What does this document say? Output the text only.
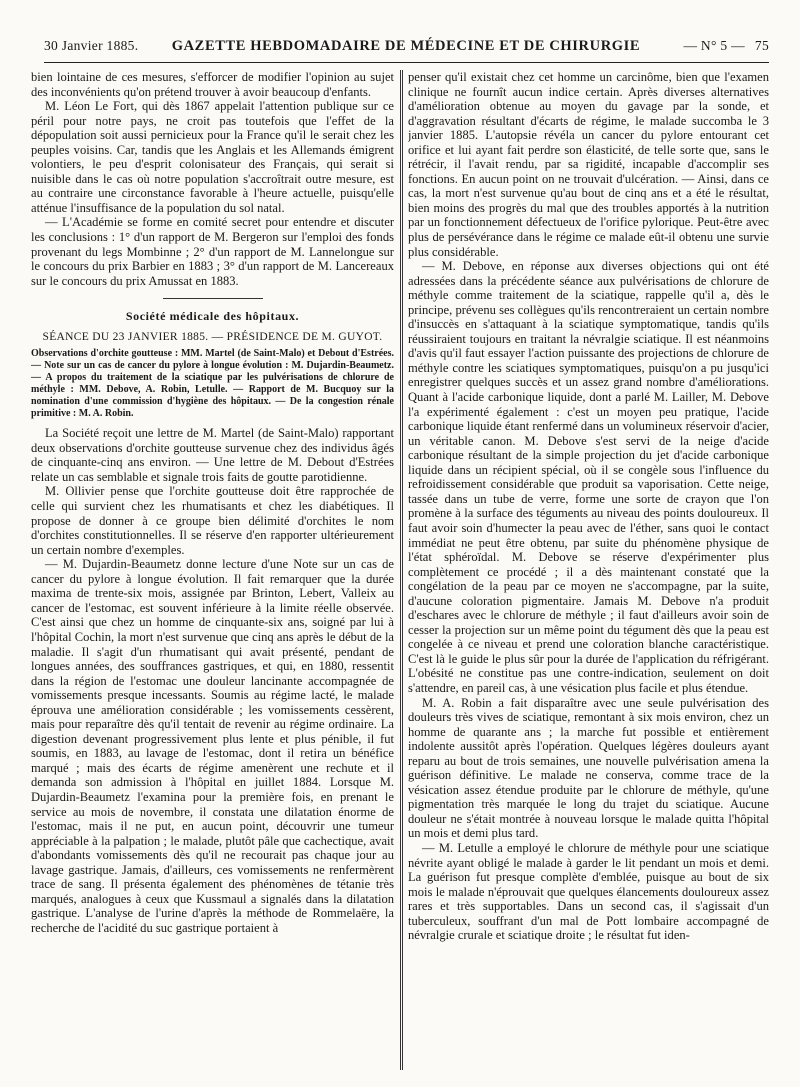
30 Janvier 1885. GAZETTE HEBDOMADAIRE DE MÉDECINE ET DE CHIRURGIE	— N° 5 — 75

bien lointaine de ces mesures, s'efforcer de modifier l'opinion au sujet des inconvénients qu'on prétend trouver à avoir beaucoup d'enfants.

M. Léon Le Fort, qui dès 1867 appelait l'attention publique sur ce péril pour notre pays, ne croit pas toutefois que l'effet de la dépopulation soit aussi pernicieux pour la France qu'il le serait chez les peuples voisins. Car, tandis que les Anglais et les Allemands émigrent volontiers, le peu d'esprit colonisateur des Français, qui serait si nuisible dans le cas où notre population s'accroîtrait outre mesure, est au contraire une circonstance favorable à l'heure actuelle, puisqu'elle atténue l'insuffisance de la population du sol natal.

— L'Académie se forme en comité secret pour entendre et discuter les conclusions : 1° d'un rapport de M. Bergeron sur l'emploi des fonds provenant du legs Mombinne ; 2° d'un rapport de M. Lannelongue sur le concours du prix Barbier en 1883 ; 3° d'un rapport de M. Lancereaux sur le concours du prix Amussat en 1883.

Société médicale des hôpitaux.
SÉANCE DU 23 JANVIER 1885. — PRÉSIDENCE DE M. GUYOT.
Observations d'orchite goutteuse : MM. Martel (de Saint-Malo) et Debout d'Estrées. — Note sur un cas de cancer du pylore à longue évolution : M. Dujardin-Beaumetz. — A propos du traitement de la sciatique par les pulvérisations de chlorure de méthyle : MM. Debove, A. Robin, Letulle. — Rapport de M. Bucquoy sur la nomination d'une commission d'hygiène des hôpitaux. — De la congestion rénale primitive : M. A. Robin.

La Société reçoit une lettre de M. Martel (de Saint-Malo) rapportant deux observations d'orchite goutteuse survenue chez des individus âgés de cinquante-cinq ans environ. — Une lettre de M. Debout d'Estrées relate un cas semblable et signale trois faits de goutte parotidienne.

M. Ollivier pense que l'orchite goutteuse doit être rapprochée de celle qui survient chez les rhumatisants et chez les diabétiques. Il propose de donner à ce groupe bien délimité d'orchites le nom d'orchites constitutionnelles. Il se réserve d'en rapporter ultérieurement un certain nombre d'exemples.

— M. Dujardin-Beaumetz donne lecture d'une Note sur un cas de cancer du pylore à longue évolution. Il fait remarquer que la durée maxima de trente-six mois, assignée par Brinton, Lebert, Valleix au cancer de l'estomac, est souvent inférieure à la limite réelle observée. C'est ainsi que chez un homme de cinquante-six ans, soigné par lui à l'hôpital Cochin, la mort n'est survenue que cinq ans après le début de la maladie. Il s'agit d'un rhumatisant qui avait présenté, pendant de longues années, des souffrances gastriques, et qui, en 1880, ressentit dans la région de l'estomac une douleur lancinante accompagnée de vomissements presque incessants. Soumis au régime lacté, le malade éprouva une amélioration considérable ; les vomissements cessèrent, mais pour reparaître dès qu'il tentait de revenir au régime ordinaire. La digestion devenant progressivement plus lente et plus pénible, il fut soumis, en 1883, au lavage de l'estomac, dont il retira un bénéfice marqué ; mais des écarts de régime amenèrent une rechute et il demanda son admission à l'hôpital en juillet 1884. Lorsque M. Dujardin-Beaumetz l'examina pour la première fois, en prenant le service au mois de novembre, il constata une dilatation énorme de l'estomac, mais il ne put, en aucun point, découvrir une tumeur appréciable à la palpation ; le malade, plutôt pâle que cachectique, avait d'abondants vomissements dès qu'il ne recourait pas chaque jour au lavage gastrique. Jamais, d'ailleurs, ces vomissements ne renfermèrent trace de sang. Il présenta également des phénomènes de tétanie très marqués, analogues à ceux que Kussmaul a signalés dans la dilatation gastrique. L'analyse de l'urine d'après la méthode de Rommelaëre, la recherche de l'acidité du suc gastrique portaient à

penser qu'il existait chez cet homme un carcinôme, bien que l'examen clinique ne fournît aucun indice certain. Après diverses alternatives d'amélioration obtenue au moyen du gavage par la sonde, et d'aggravation résultant d'écarts de régime, le malade succomba le 3 janvier 1885. L'autopsie révéla un cancer du pylore entourant cet orifice et lui ayant fait perdre son élasticité, de telle sorte que, sans le rétrécir, il l'avait rendu, par sa rigidité, incapable d'accomplir ses fonctions. En aucun point on ne trouvait d'ulcération. — Ainsi, dans ce cas, la mort n'est survenue qu'au bout de cinq ans et a été le résultat, bien moins des progrès du mal que des troubles apportés à la nutrition par un fonctionnement défectueux de l'orifice pylorique. Peut-être avec plus de persévérance dans le régime ce malade eût-il obtenu une survie plus considérable.

— M. Debove, en réponse aux diverses objections qui ont été adressées dans la précédente séance aux pulvérisations de chlorure de méthyle comme traitement de la sciatique, rappelle qu'il a, dès le principe, prévenu ses collègues qu'ils rencontreraient un certain nombre d'insuccès en s'attaquant à la sciatique symptomatique, tandis qu'ils réussiraient toujours en traitant la névralgie sciatique. Il est néanmoins d'avis qu'il faut essayer l'action puissante des projections de chlorure de méthyle contre les sciatiques symptomatiques, puisqu'on a pu jusqu'ici enregistrer quelques succès et un assez grand nombre d'améliorations. Quant à l'acide carbonique liquide, dont a parlé M. Lailler, M. Debove l'a expérimenté également : c'est un moyen peu pratique, l'acide carbonique liquide étant renfermé dans un volumineux réservoir d'acier, un véritable canon. M. Debove s'est servi de la neige d'acide carbonique résultant de la simple projection du jet d'acide carbonique liquide dans un récipient spécial, où il se congèle sous l'influence du refroidissement considérable que produit sa vaporisation. Cette neige, tassée dans un tube de verre, forme une sorte de crayon que l'on promène à la surface des téguments au niveau des points douloureux. Il faut avoir soin d'humecter la peau avec de l'éther, sans quoi le contact immédiat ne peut être obtenu, par suite du phénomène physique de l'état sphéroïdal. M. Debove se réserve d'expérimenter plus complètement ce procédé ; il a dès maintenant constaté que la congélation de la peau par ce moyen ne s'accompagne, par la suite, d'aucune coloration pigmentaire. Jamais M. Debove n'a produit d'eschares avec le chlorure de méthyle ; il faut d'ailleurs avoir soin de cesser la projection sur un même point du tégument dès que la peau est congelée à ce niveau et prend une coloration blanche caractéristique. C'est là le guide le plus sûr pour la durée de l'application du réfrigérant. L'obésité ne constitue pas une contre-indication, seulement on doit s'attendre, en pareil cas, à une vésication plus facile et plus étendue.

M. A. Robin a fait disparaître avec une seule pulvérisation des douleurs très vives de sciatique, remontant à six mois environ, chez un homme de quarante ans ; la marche fut possible et entièrement indolente aussitôt après l'opération. Quelques légères douleurs ayant reparu au bout de trois semaines, une nouvelle pulvérisation amena la guérison définitive. Le malade ne conserva, comme trace de la vésication assez étendue produite par le chlorure de méthyle, qu'une pigmentation très marquée le long du trajet du sciatique. Aucune douleur ne s'était montrée à nouveau lorsque le malade quitta l'hôpital un mois et demi plus tard.

— M. Letulle a employé le chlorure de méthyle pour une sciatique névrite ayant obligé le malade à garder le lit pendant un mois et demi. La guérison fut presque complète d'emblée, puisque au bout de six mois le malade n'éprouvait que quelques élancements douloureux assez rares et très supportables. Dans un second cas, il s'agissait d'un tuberculeux, souffrant d'un mal de Pott lombaire accompagné de névralgie crurale et sciatique droite ; le résultat fut iden-
